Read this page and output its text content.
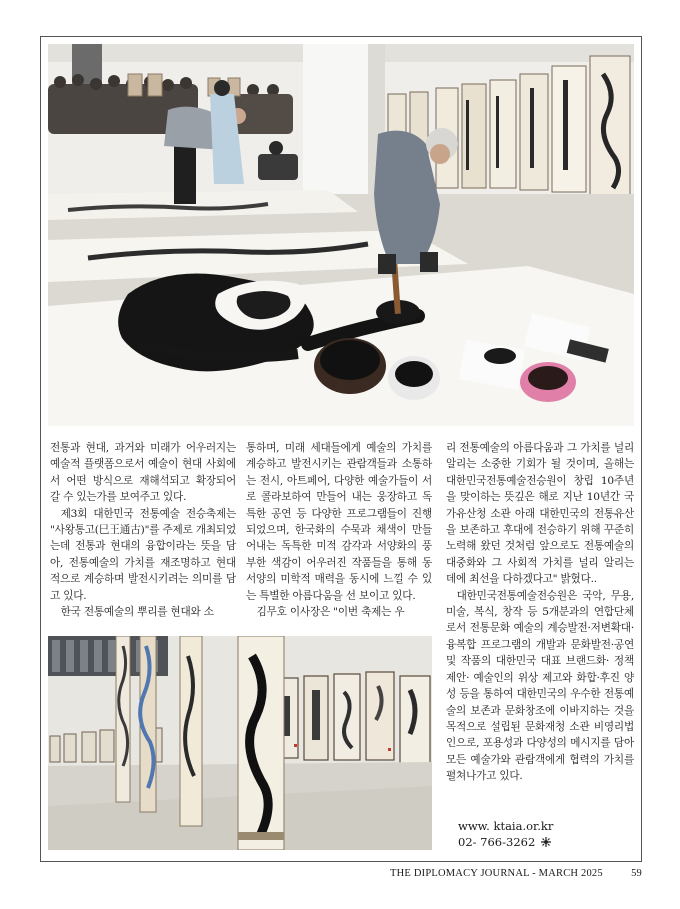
전통과 현대, 과거와 미래가 어우러지는 예술적 플랫폼으로서 예술이 현대 사회에서 어떤 방식으로 재해석되고 확장되어 갈 수 있는가를 보여주고 있다.

제3회 대한민국 전통예술 전승축제는 "사왕통고(巳王通古)"를 주제로 개최되었는데 전통과 현대의 융합이라는 뜻을 담아, 전통예술의 가치를 재조명하고 현대적으로 계승하며 발전시키려는 의미를 담고 있다.

한국 전통예술의 뿌리를 현대와 소

통하며, 미래 세대들에게 예술의 가치를 계승하고 발전시키는 관람객들과 소통하는 전시, 아트페어, 다양한 예술가들이 서로 콜라보하여 만들어 내는 웅장하고 독특한 공연 등 다양한 프로그램들이 진행되었으며, 한국화의 수묵과 채색이 만들어내는 독특한 미적 감각과 서양화의 풍부한 색감이 어우러진 작품들을 통해 동서양의 미학적 매력을 동시에 느낄 수 있는 특별한 아름다움을 선 보이고 있다.

김무호 이사장은 "이번 축제는 우

리 전통예술의 아름다움과 그 가치를 널리 알리는 소중한 기회가 될 것이며, 올해는 대한민국전통예술전승원이 창립 10주년을 맞이하는 뜻깊은 해로 지난 10년간 국가유산청 소관 아래 대한민국의 전통유산을 보존하고 후대에 전승하기 위해 꾸준히 노력해 왔던 것처럼 앞으로도 전통예술의 대중화와 그 사회적 가치를 널리 알리는 데에 최선을 다하겠다고" 밝혔다..

대한민국전통예술전승원은 국악, 무용, 미술, 복식, 창작 등 5개분과의 연합단체로서 전통문화 예술의 계승발전·저변확대·융복합 프로그램의 개발과 문화발전·공연 및 작품의 대한민국 대표 브랜드화· 정책 제안· 예술인의 위상 제고와 화합·후진 양성 등을 통하여 대한민국의 우수한 전통예술의 보존과 문화창조에 이바지하는 것을 목적으로 설립된 문화재청 소관 비영리법인으로, 포용성과 다양성의 메시지를 담아 모든 예술가와 관람객에게 협력의 가치를 펼쳐나가고 있다.

www. ktaia.or.kr
02- 766-3262
THE DIPLOMACY JOURNAL - MARCH 2025	59
